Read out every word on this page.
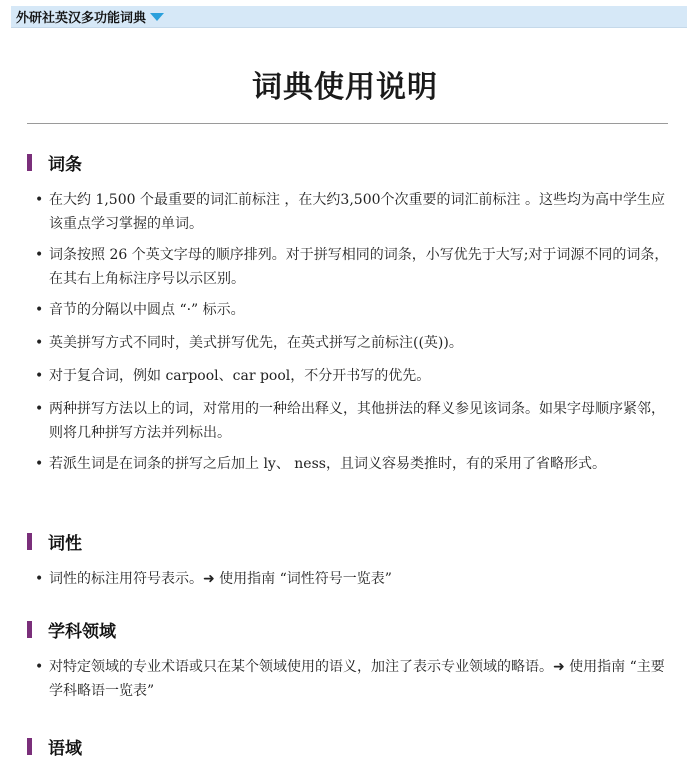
外研社英汉多功能词典
词典使用说明
词条
• 在大约 1,500 个最重要的词汇前标注 ，在大约3,500个次重要的词汇前标注 。这些均为高中学生应该重点学习掌握的单词。
• 词条按照 26 个英文字母的顺序排列。对于拼写相同的词条，小写优先于大写;对于词源不同的词条，在其右上角标注序号以示区别。
• 音节的分隔以中圆点 “·” 标示。
• 英美拼写方式不同时，美式拼写优先，在英式拼写之前标注((英))。
• 对于复合词，例如 carpool、car pool，不分开书写的优先。
• 两种拼写方法以上的词，对常用的一种给出释义，其他拼法的释义参见该词条。如果字母顺序紧邻，则将几种拼写方法并列标出。
• 若派生词是在词条的拼写之后加上 ly、 ness，且词义容易类推时，有的采用了省略形式。
词性
• 词性的标注用符号表示。➜ 使用指南 “词性符号一览表”
学科领域
• 对特定领域的专业术语或只在某个领域使用的语义，加注了表示专业领域的略语。➜ 使用指南 “主要学科略语一览表”
语域
